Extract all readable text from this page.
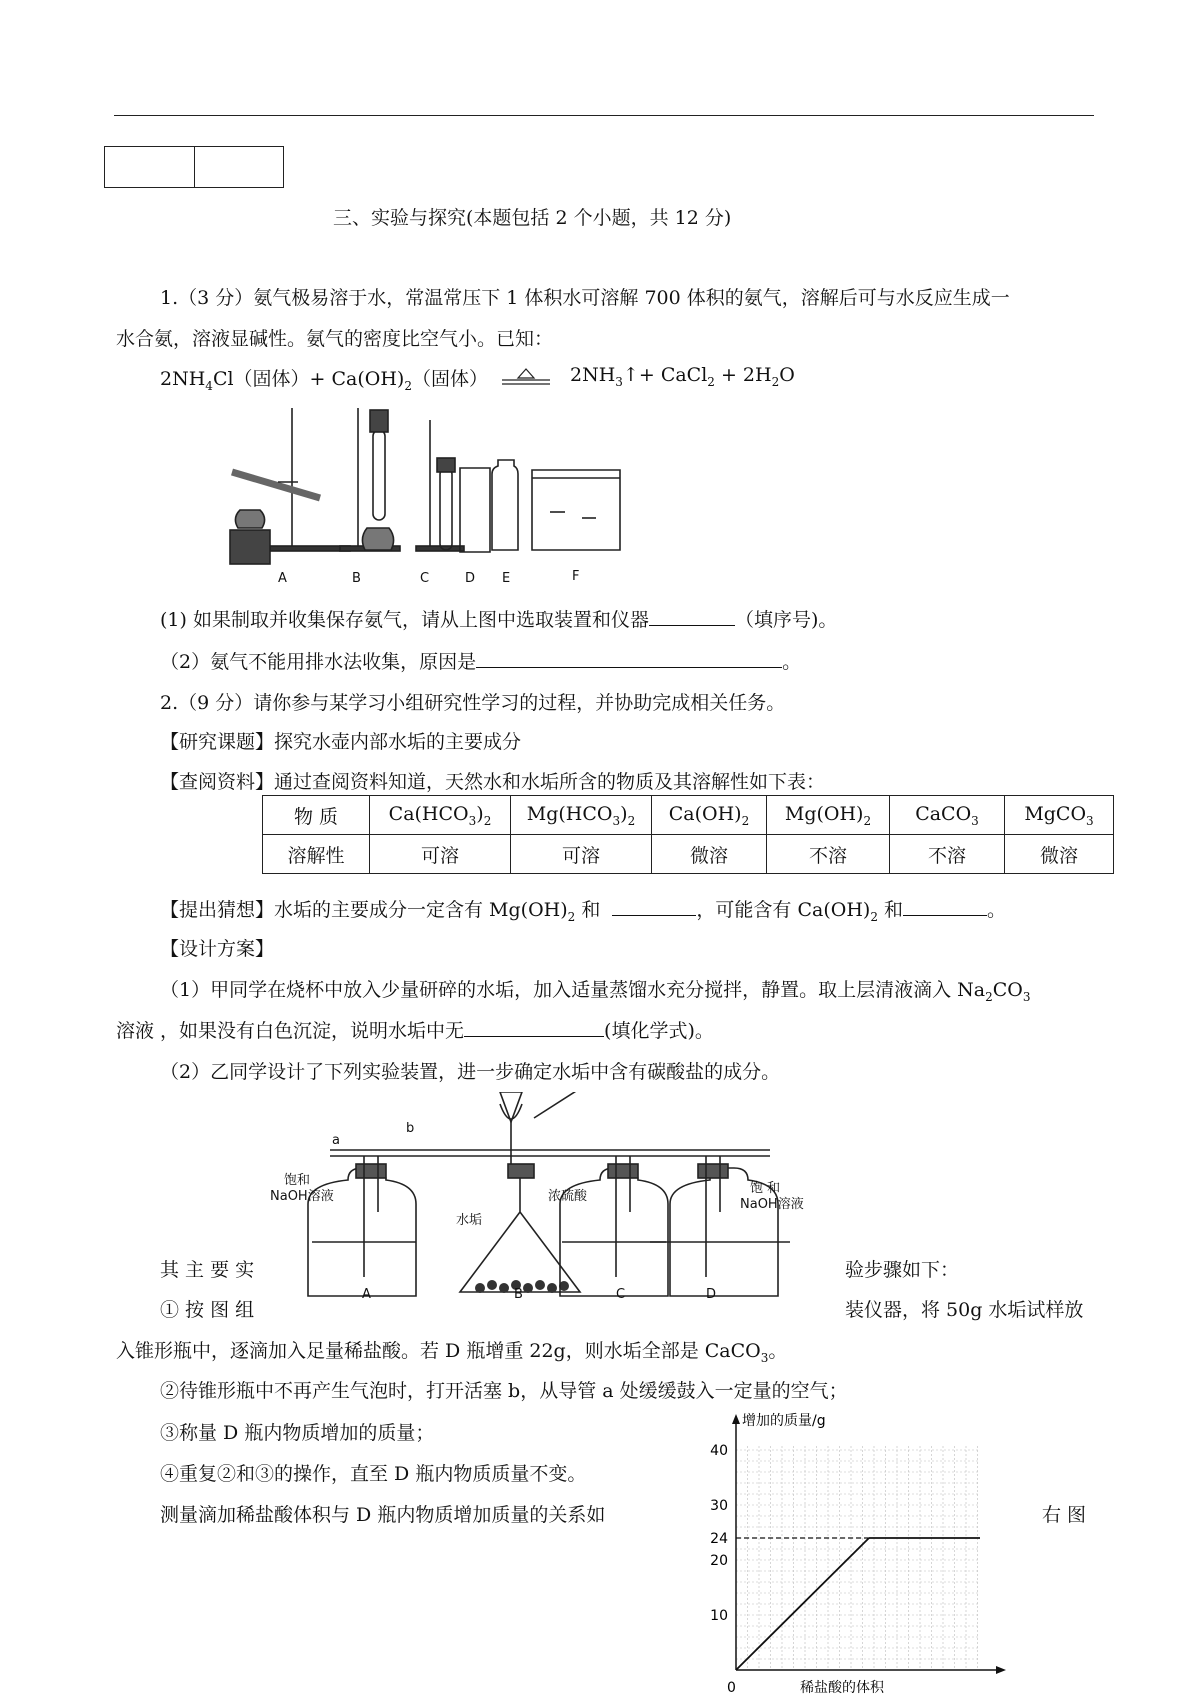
三、实验与探究(本题包括 2 个小题，共 12 分)
1.（3 分）氨气极易溶于水，常温常压下 1 体积水可溶解 700 体积的氨气，溶解后可与水反应生成一
水合氨，溶液显碱性。氨气的密度比空气小。已知：
$2NH_4Cl$（固体）+ $Ca(OH)_2$（固体）	$2NH_3↑+$ CaCl$_2$ + $2H_2O$
A	B	C	D E	F
(1) 如果制取并收集保存氨气，请从上图中选取装置和仪器	（填序号)。
（2）氨气不能用排水法收集，原因是	。
2.（9 分）请你参与某学习小组研究性学习的过程，并协助完成相关任务。
【研究课题】探究水壶内部水垢的主要成分
【查阅资料】通过查阅资料知道，天然水和水垢所含的物质及其溶解性如下表：
物 质	$Ca(HCO_3)_2$	$Mg(HCO_3)_2$	$Ca(OH)_2$	$Mg(OH)_2$	CaCO$_3$	MgCO$_3$
溶解性	可溶	可溶	微溶	不溶	不溶	微溶
【提出猜想】水垢的主要成分一定含有 $Mg(OH)_2$ 和	，可能含有 $Ca(OH)_2$ 和	。
【设计方案】
（1）甲同学在烧杯中放入少量研碎的水垢，加入适量蒸馏水充分搅拌，静置。取上层清液滴入 $Na_2CO_3$
溶液 ，如果没有白色沉淀，说明水垢中无	(填化学式)。
（2）乙同学设计了下列实验装置，进一步确定水垢中含有碳酸盐的成分。
a
b
饱和
NaOH溶液
水垢
浓硫酸
饱 和
NaOH溶液
A	B	C	D
其 主 要 实	验步骤如下：
① 按 图 组	装仪器，将 50g 水垢试样放
入锥形瓶中，逐滴加入足量稀盐酸。若 D 瓶增重 22g，则水垢全部是 CaCO$_3$。
②待锥形瓶中不再产生气泡时，打开活塞 b，从导管 a 处缓缓鼓入一定量的空气；
③称量 D 瓶内物质增加的质量；
④重复②和③的操作，直至 D 瓶内物质质量不变。
测量滴加稀盐酸体积与 D 瓶内物质增加质量的关系如	右 图
10
20
24
30
40
增加的质量/g
稀盐酸的体积
0
